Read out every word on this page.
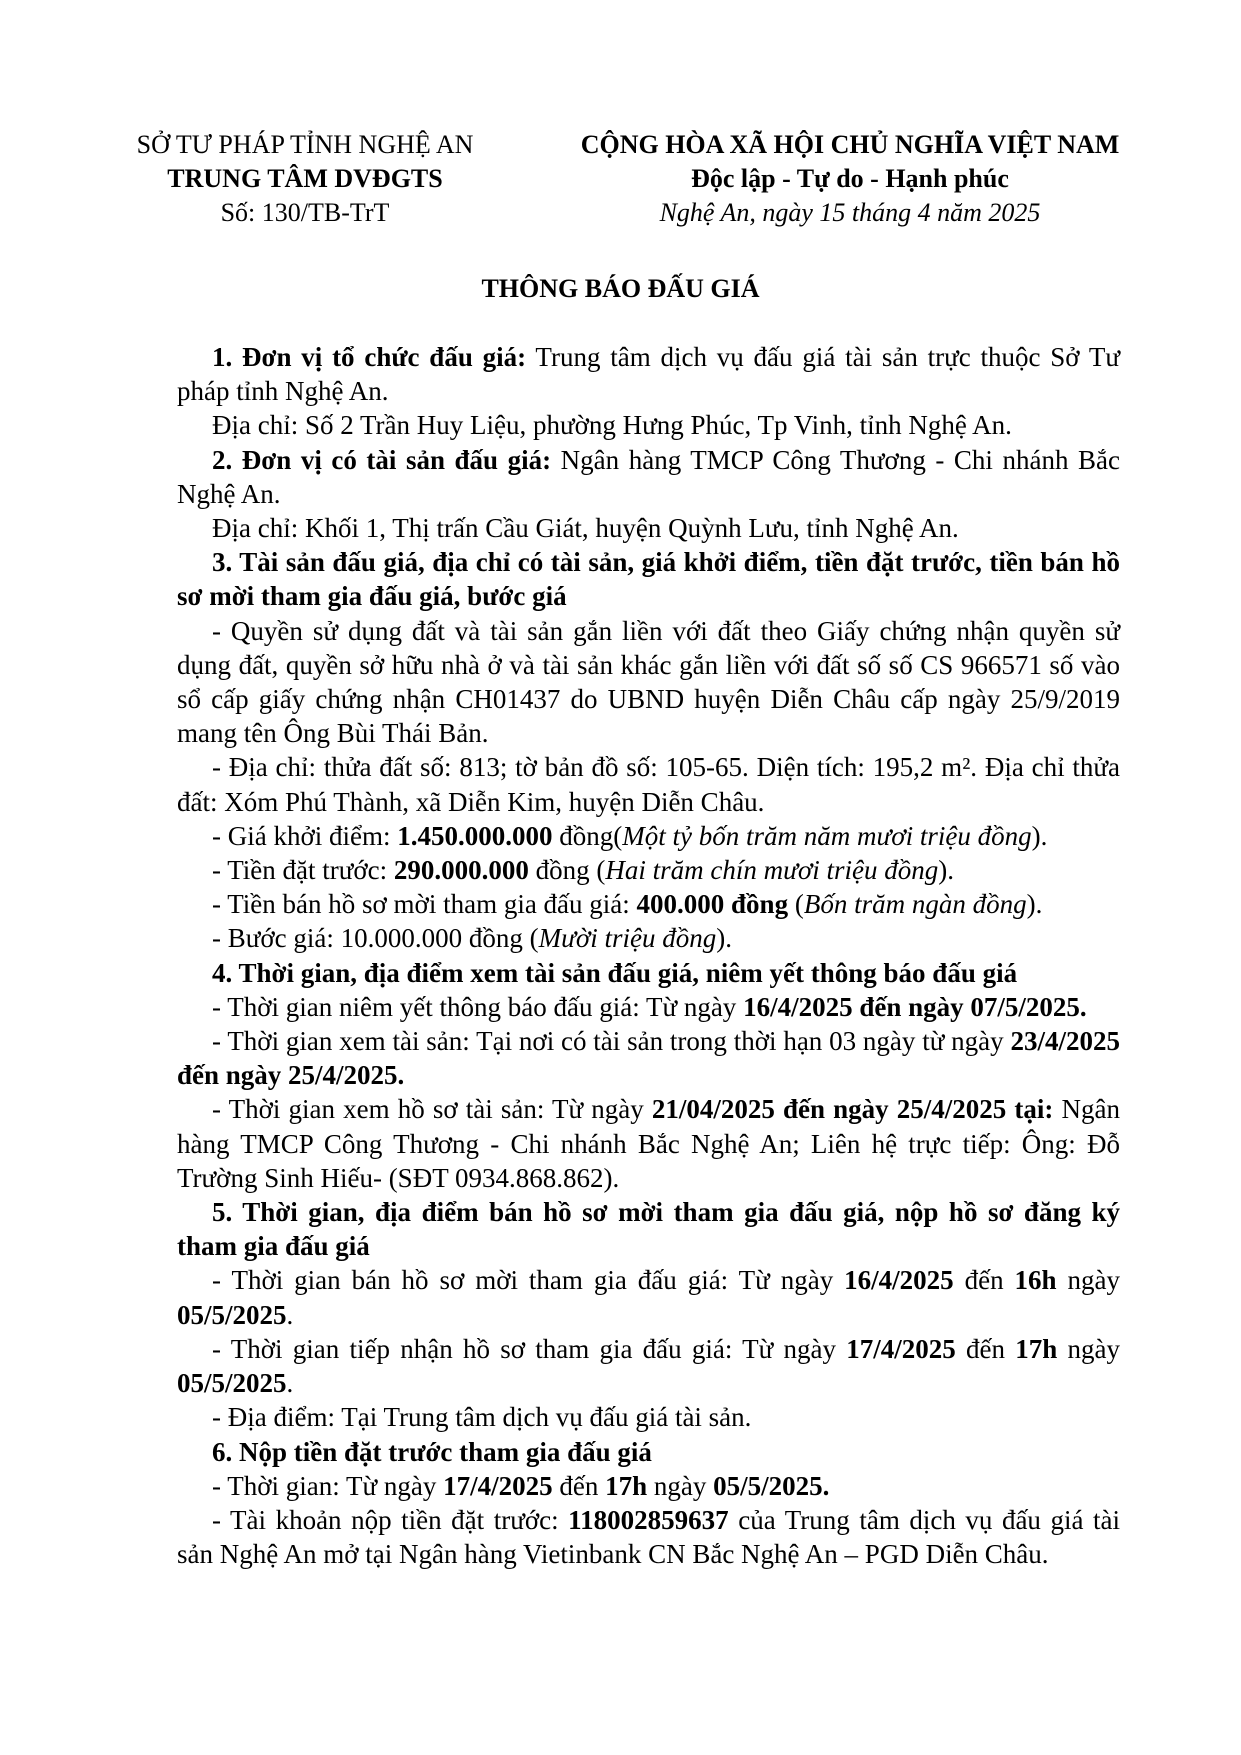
SỞ TƯ PHÁP TỈNH NGHỆ AN
TRUNG TÂM DVĐGTS
Số: 130/TB-TrT
CỘNG HÒA XÃ HỘI CHỦ NGHĨA VIỆT NAM
Độc lập - Tự do - Hạnh phúc
Nghệ An, ngày 15 tháng 4 năm 2025
THÔNG BÁO ĐẤU GIÁ

1. Đơn vị tổ chức đấu giá: Trung tâm dịch vụ đấu giá tài sản trực thuộc Sở Tư pháp tỉnh Nghệ An.

Địa chỉ: Số 2 Trần Huy Liệu, phường Hưng Phúc, Tp Vinh, tỉnh Nghệ An.

2. Đơn vị có tài sản đấu giá: Ngân hàng TMCP Công Thương - Chi nhánh Bắc Nghệ An.

Địa chỉ: Khối 1, Thị trấn Cầu Giát, huyện Quỳnh Lưu, tỉnh Nghệ An.

3. Tài sản đấu giá, địa chỉ có tài sản, giá khởi điểm, tiền đặt trước, tiền bán hồ sơ mời tham gia đấu giá, bước giá

- Quyền sử dụng đất và tài sản gắn liền với đất theo Giấy chứng nhận quyền sử dụng đất, quyền sở hữu nhà ở và tài sản khác gắn liền với đất số số CS 966571 số vào sổ cấp giấy chứng nhận CH01437 do UBND huyện Diễn Châu cấp ngày 25/9/2019 mang tên Ông Bùi Thái Bản.

- Địa chỉ: thửa đất số: 813; tờ bản đồ số: 105-65. Diện tích: 195,2 m². Địa chỉ thửa đất: Xóm Phú Thành, xã Diễn Kim, huyện Diễn Châu.

- Giá khởi điểm: 1.450.000.000 đồng(Một tỷ bốn trăm năm mươi triệu đồng).

- Tiền đặt trước: 290.000.000 đồng (Hai trăm chín mươi triệu đồng).

- Tiền bán hồ sơ mời tham gia đấu giá: 400.000 đồng (Bốn trăm ngàn đồng).

- Bước giá: 10.000.000 đồng (Mười triệu đồng).

4. Thời gian, địa điểm xem tài sản đấu giá, niêm yết thông báo đấu giá

- Thời gian niêm yết thông báo đấu giá: Từ ngày 16/4/2025 đến ngày 07/5/2025.

- Thời gian xem tài sản: Tại nơi có tài sản trong thời hạn 03 ngày từ ngày 23/4/2025 đến ngày 25/4/2025.

- Thời gian xem hồ sơ tài sản: Từ ngày 21/04/2025 đến ngày 25/4/2025 tại: Ngân hàng TMCP Công Thương - Chi nhánh Bắc Nghệ An; Liên hệ trực tiếp: Ông: Đỗ Trường Sinh Hiếu- (SĐT 0934.868.862).

5. Thời gian, địa điểm bán hồ sơ mời tham gia đấu giá, nộp hồ sơ đăng ký tham gia đấu giá

- Thời gian bán hồ sơ mời tham gia đấu giá: Từ ngày 16/4/2025 đến 16h ngày 05/5/2025.

- Thời gian tiếp nhận hồ sơ tham gia đấu giá: Từ ngày 17/4/2025 đến 17h ngày 05/5/2025.

- Địa điểm: Tại Trung tâm dịch vụ đấu giá tài sản.

6. Nộp tiền đặt trước tham gia đấu giá

- Thời gian: Từ ngày 17/4/2025 đến 17h ngày 05/5/2025.

- Tài khoản nộp tiền đặt trước: 118002859637 của Trung tâm dịch vụ đấu giá tài sản Nghệ An mở tại Ngân hàng Vietinbank CN Bắc Nghệ An – PGD Diễn Châu.
